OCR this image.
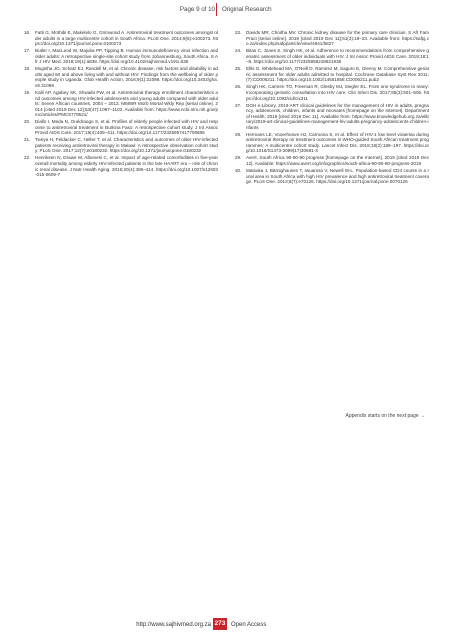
Page 9 of 10 Original Research
16.	Fatti G, Mothibi E, Makelelo G, Grimwood A. Antiretroviral treatment outcomes amongst older adults in a large multicentre cohort in South Africa. PLoS One. 2014;9(6):e100273. https://doi.org/10.1371/journal.pone.0100273
17.	Butler I, MacLeod W, Majuba PP, Tipping B. Human immunodeficiency virus infection and older adults: A retrospective single-site cohort study from Johannesburg, South Africa. S Afr J HIV Med. 2018;19(1):a838. https://doi.org/10.4102/sajhivmed.v19i1.838
18.	Mugisha JO, Schatz EJ, Randell M, et al. Chronic disease, risk factors and disability in adults aged 50 and above living with and without HIV: Findings from the wellbeing of older people study in Uganda. Glob Health Action. 2016;9(1):31098. https://doi.org/10.3402/gha.v9.31098
19.	Kalil AP, Agabey SK, Shwaibi PW, et al. Antiretroviral therapy enrollment characteristics and outcomes among HIV-infected adolescents and young adults compared with older adults: Seven African countries, 2004 – 2013. MMWR Morb Mortal Wkly Rep [serial online]. 2014 [cited 2019 Dec 12];63(47):1097–1103. Available from: https://www.ncbi.nlm.nih.gov/pmc/articles/PMC5779521/
20.	Diallo I, Meda N, Ouédraogo S, et al. Profiles of elderly people infected with HIV and response to antiretroviral treatment in Burkina Faso: A retrospective cohort study. J Int Assoc Provid AIDS Care. 2017;16(4):405–411. https://doi.org/10.1177/2325957417706686
21.	Tweya H, Feldacker C, Heller T, et al. Characteristics and outcomes of older HIV-infected patients receiving antiretroviral therapy in Malawi: A retrospective observation cohort study. PLoS One. 2017;12(7):e0180232. https://doi.org/10.1371/journal.pone.0180232
22.	Henriksen N, Drawe M, Albenesi C, et al. Impact of age-related comorbidities in five-year overall mortality among elderly HIV-infected patients in the late HAART era – role of chronic renal disease. J Nutr Health Aging. 2016;20(4):408–414. https://doi.org/10.1007/s12603-015-0609-7
23.	Davids MR, Choitha MV. Chronic kidney disease for the primary care clinician. S Afr Fam Pract [serial online]. 2019 [cited 2019 Dec 11];61(3):19–23. Available from: https://safpj.co.za/index.php/safpj/article/view/4941/5827
24.	Bitas C, Jones S, Singh HK, et al. Adherence to recommendations from comprehensive geriatric assessment of older individuals with HIV. J Int Assoc Provid AIDS Care. 2019;18:1–8. https://doi.org/10.1177/2325958218821936
25.	Ellis G, Whitehead MA, O'Neill D, Ramirez M, Saguro E, Glenny M. Comprehensive geriatric assessment for older adults admitted to hospital. Cochrane Database Syst Rev 2011;(7):CD006211. https://doi.org/10.1002/14651858.CD006211.pub2
26.	Singh HK, Carmen TO, Freeman R, Glesby MJ, Siegler EL. From one syndrome to many: Incorporating geriatric consultation into HIV care. Clin Infect Dis. 2017;65(3):501–506. https://doi.org/10.1093/cid/cix311
27.	DOH e-Library. 2019 ART clinical guidelines for the management of HIV in adults, pregnancy, adolescents, children, infants and neonates [homepage on the Internet]. Department of Health; 2019 [cited 2019 Dec 11]. Available from: https://www.knowledgehub.org.za/elibrary/2019-art-clinical-guidelines-management-hiv-adults-pregnancy-adolescents-children-infants
28.	Hermans LE, Vooerhoove HJ, Carmona S, et al. Effect of HIV-1 low level viraemia during antiretroviral therapy on treatment outcomes in WHO-guided South African treatment programmes: A multicentre cohort study. Lancet Infect Dis. 2018;18(2):188–197. https://doi.org/10.1016/S1473-3099(17)30681-3
29.	Avert. South Africa 90-90-90 progress [homepage on the Internet]. 2019 [cited 2019 Dec 12]. Available: https://www.avert.org/infographics/south-africa-90-90-90-progress-2019
30.	Matsaka J, Bärnighausen T, Iwuamsa V, Newell M-L. Population-based CD4 counts in a rural area in South Africa with high HIV prevalence and high antiretroviral treatment coverage. PLoS One. 2013;8(7):e70126. https://doi.org/10.1371/journal.pone.0070126
Appendix starts on the next page →
http://www.sajhivmed.org.za 273 Open Access
